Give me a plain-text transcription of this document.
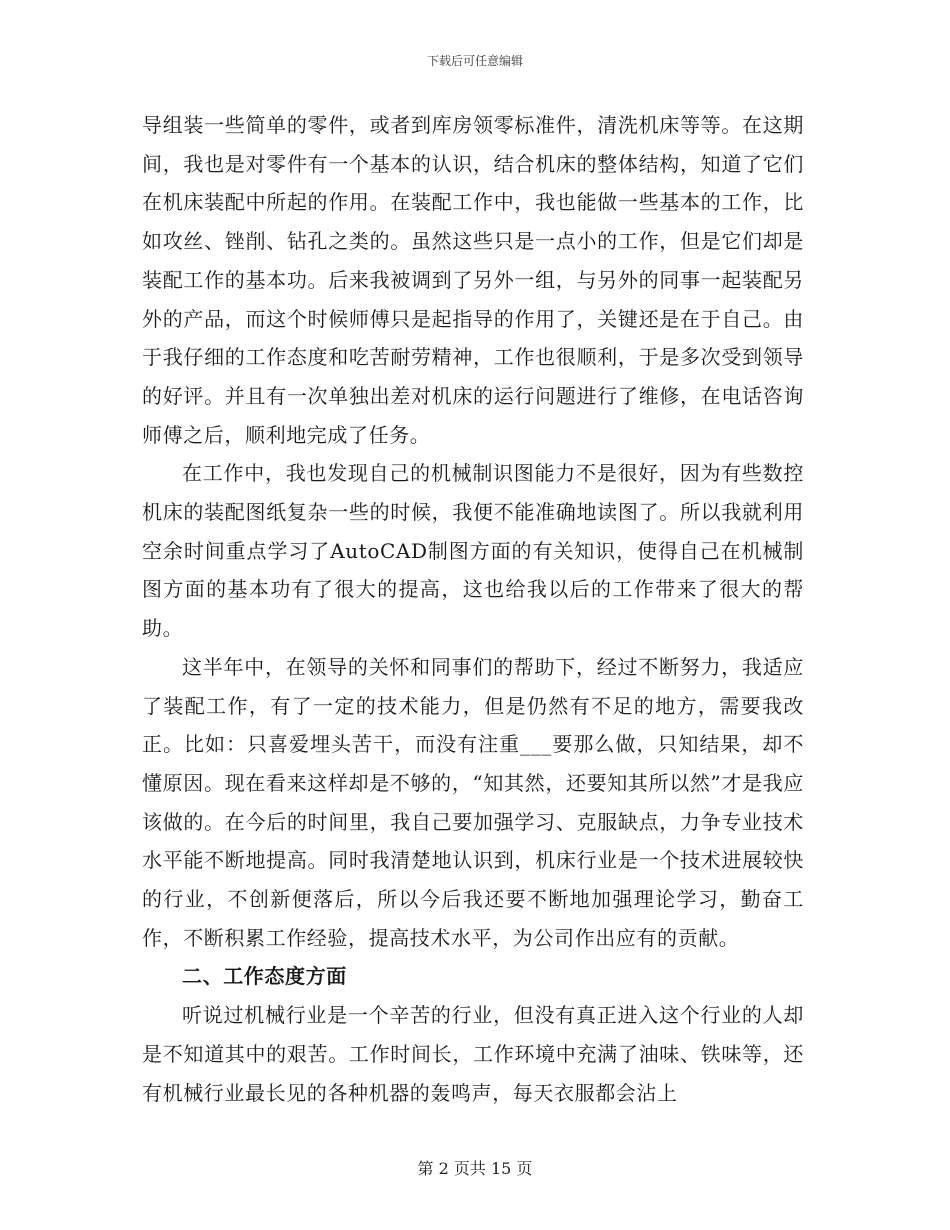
下载后可任意编辑

导组装一些简单的零件，或者到库房领零标准件，清洗机床等等。在这期间，我也是对零件有一个基本的认识，结合机床的整体结构，知道了它们在机床装配中所起的作用。在装配工作中，我也能做一些基本的工作，比如攻丝、锉削、钻孔之类的。虽然这些只是一点小的工作，但是它们却是装配工作的基本功。后来我被调到了另外一组，与另外的同事一起装配另外的产品，而这个时候师傅只是起指导的作用了，关键还是在于自己。由于我仔细的工作态度和吃苦耐劳精神，工作也很顺利，于是多次受到领导的好评。并且有一次单独出差对机床的运行问题进行了维修，在电话咨询师傅之后，顺利地完成了任务。

在工作中，我也发现自己的机械制识图能力不是很好，因为有些数控机床的装配图纸复杂一些的时候，我便不能准确地读图了。所以我就利用空余时间重点学习了AutoCAD制图方面的有关知识，使得自己在机械制图方面的基本功有了很大的提高，这也给我以后的工作带来了很大的帮助。

这半年中，在领导的关怀和同事们的帮助下，经过不断努力，我适应了装配工作，有了一定的技术能力，但是仍然有不足的地方，需要我改正。比如：只喜爱埋头苦干，而没有注重___要那么做，只知结果，却不懂原因。现在看来这样却是不够的，“知其然，还要知其所以然”才是我应该做的。在今后的时间里，我自己要加强学习、克服缺点，力争专业技术水平能不断地提高。同时我清楚地认识到，机床行业是一个技术进展较快的行业，不创新便落后，所以今后我还要不断地加强理论学习，勤奋工作，不断积累工作经验，提高技术水平，为公司作出应有的贡献。

二、工作态度方面

听说过机械行业是一个辛苦的行业，但没有真正进入这个行业的人却是不知道其中的艰苦。工作时间长，工作环境中充满了油味、铁味等，还有机械行业最长见的各种机器的轰鸣声，每天衣服都会沾上

第 2 页共 15 页
